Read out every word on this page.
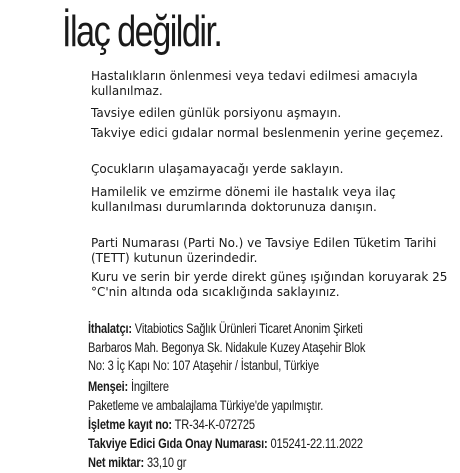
İlaç değildir.
Hastalıkların önlenmesi veya tedavi edilmesi amacıyla kullanılmaz.
Tavsiye edilen günlük porsiyonu aşmayın.
Takviye edici gıdalar normal beslenmenin yerine geçemez.
Çocukların ulaşamayacağı yerde saklayın.
Hamilelik ve emzirme dönemi ile hastalık veya ilaç kullanılması durumlarında doktorunuza danışın.
Parti Numarası (Parti No.) ve Tavsiye Edilen Tüketim Tarihi (TETT) kutunun üzerindedir.
Kuru ve serin bir yerde direkt güneş ışığından koruyarak 25 °C'nin altında oda sıcaklığında saklayınız.
İthalatçı: Vitabiotics Sağlık Ürünleri Ticaret Anonim Şirketi
Barbaros Mah. Begonya Sk. Nidakule Kuzey Ataşehir Blok
No: 3 İç Kapı No: 107 Ataşehir / İstanbul, Türkiye
Menşei: İngiltere
Paketleme ve ambalajlama Türkiye'de yapılmıştır.
İşletme kayıt no: TR-34-K-072725
Takviye Edici Gıda Onay Numarası: 015241-22.11.2022
Net miktar: 33,10 gr
